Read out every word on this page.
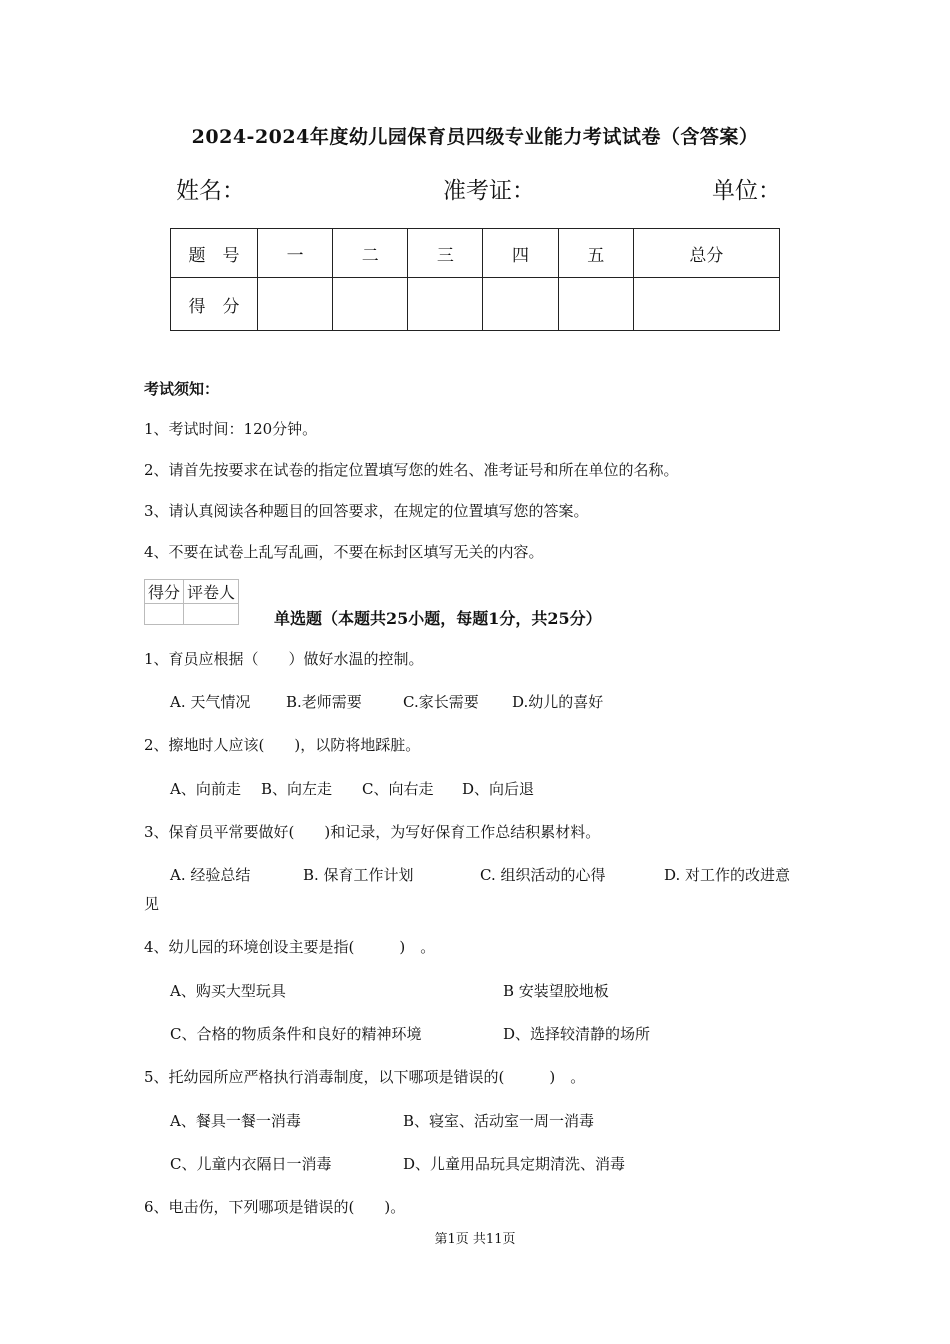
2024-2024年度幼儿园保育员四级专业能力考试试卷（含答案）
姓名：	准考证：	单位：
题　号	一	二	三	四	五	总分
得　分						
考试须知：
1、考试时间：120分钟。
2、请首先按要求在试卷的指定位置填写您的姓名、准考证号和所在单位的名称。
3、请认真阅读各种题目的回答要求，在规定的位置填写您的答案。
4、不要在试卷上乱写乱画，不要在标封区填写无关的内容。
得分	评卷人

单选题（本题共25小题，每题1分，共25分）
1、育员应根据（　　）做好水温的控制。
A. 天气情况 B.老师需要	C.家长需要 D.幼儿的喜好
2、擦地时人应该(　　)，以防将地踩脏。
A、向前走 B、向左走 C、向右走 D、向后退
3、保育员平常要做好(　　)和记录，为写好保育工作总结积累材料。
A. 经验总结	B. 保育工作计划	C. 组织活动的心得	D. 对工作的改进意
见
4、幼儿园的环境创设主要是指(　　　)　。
A、购买大型玩具	B 安装望胶地板
C、合格的物质条件和良好的精神环境	D、选择较清静的场所
5、托幼园所应严格执行消毒制度，以下哪项是错误的(　　　)　。
A、餐具一餐一消毒	B、寝室、活动室一周一消毒
C、儿童内衣隔日一消毒	D、儿童用品玩具定期清洗、消毒
6、电击伤，下列哪项是错误的(　　)。
第1页 共11页
